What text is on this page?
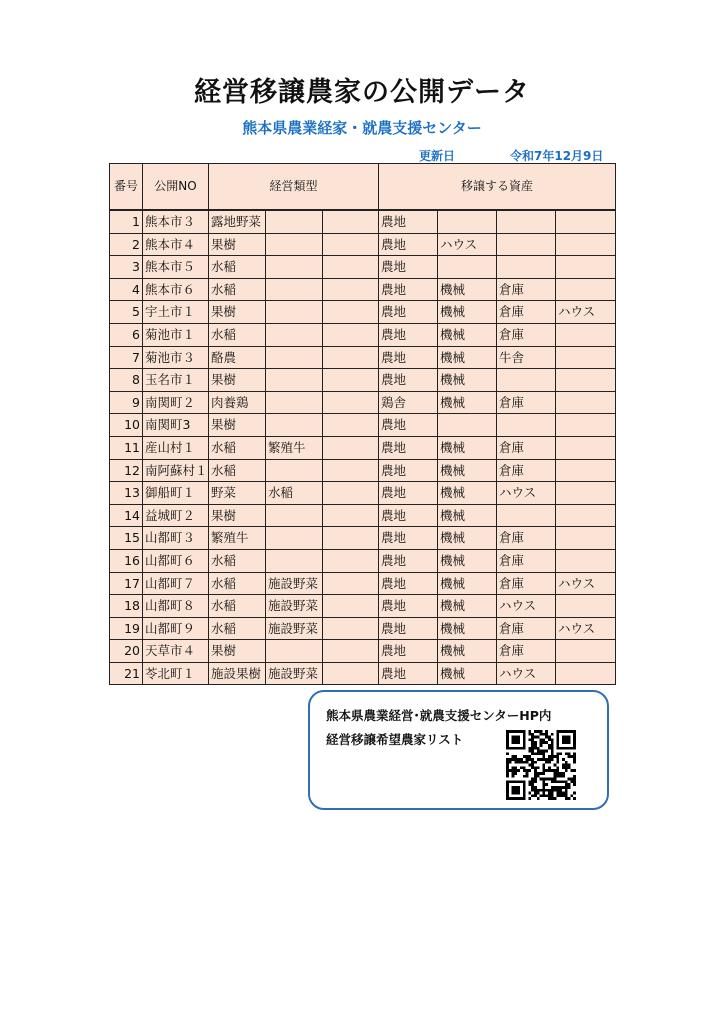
経営移譲農家の公開データ
熊本県農業経家・就農支援センター
更新日	令和7年12月9日
番号	公開NO	経営類型			移譲する資産			
1	熊本市３	露地野菜			農地			
2	熊本市４	果樹			農地	ハウス		
3	熊本市５	水稲			農地			
4	熊本市６	水稲			農地	機械	倉庫	
5	宇土市１	果樹			農地	機械	倉庫	ハウス
6	菊池市１	水稲			農地	機械	倉庫	
7	菊池市３	酪農			農地	機械	牛舎	
8	玉名市１	果樹			農地	機械		
9	南関町２	肉養鶏			鶏舎	機械	倉庫	
10	南関町3	果樹			農地			
11	産山村１	水稲	繁殖牛		農地	機械	倉庫	
12	南阿蘇村１	水稲			農地	機械	倉庫	
13	御船町１	野菜	水稲		農地	機械	ハウス	
14	益城町２	果樹			農地	機械		
15	山都町３	繁殖牛			農地	機械	倉庫	
16	山都町６	水稲			農地	機械	倉庫	
17	山都町７	水稲	施設野菜		農地	機械	倉庫	ハウス
18	山都町８	水稲	施設野菜		農地	機械	ハウス	
19	山都町９	水稲	施設野菜		農地	機械	倉庫	ハウス
20	天草市４	果樹			農地	機械	倉庫	
21	苓北町１	施設果樹	施設野菜		農地	機械	ハウス	
熊本県農業経営･就農支援センターHP内
経営移譲希望農家リスト
